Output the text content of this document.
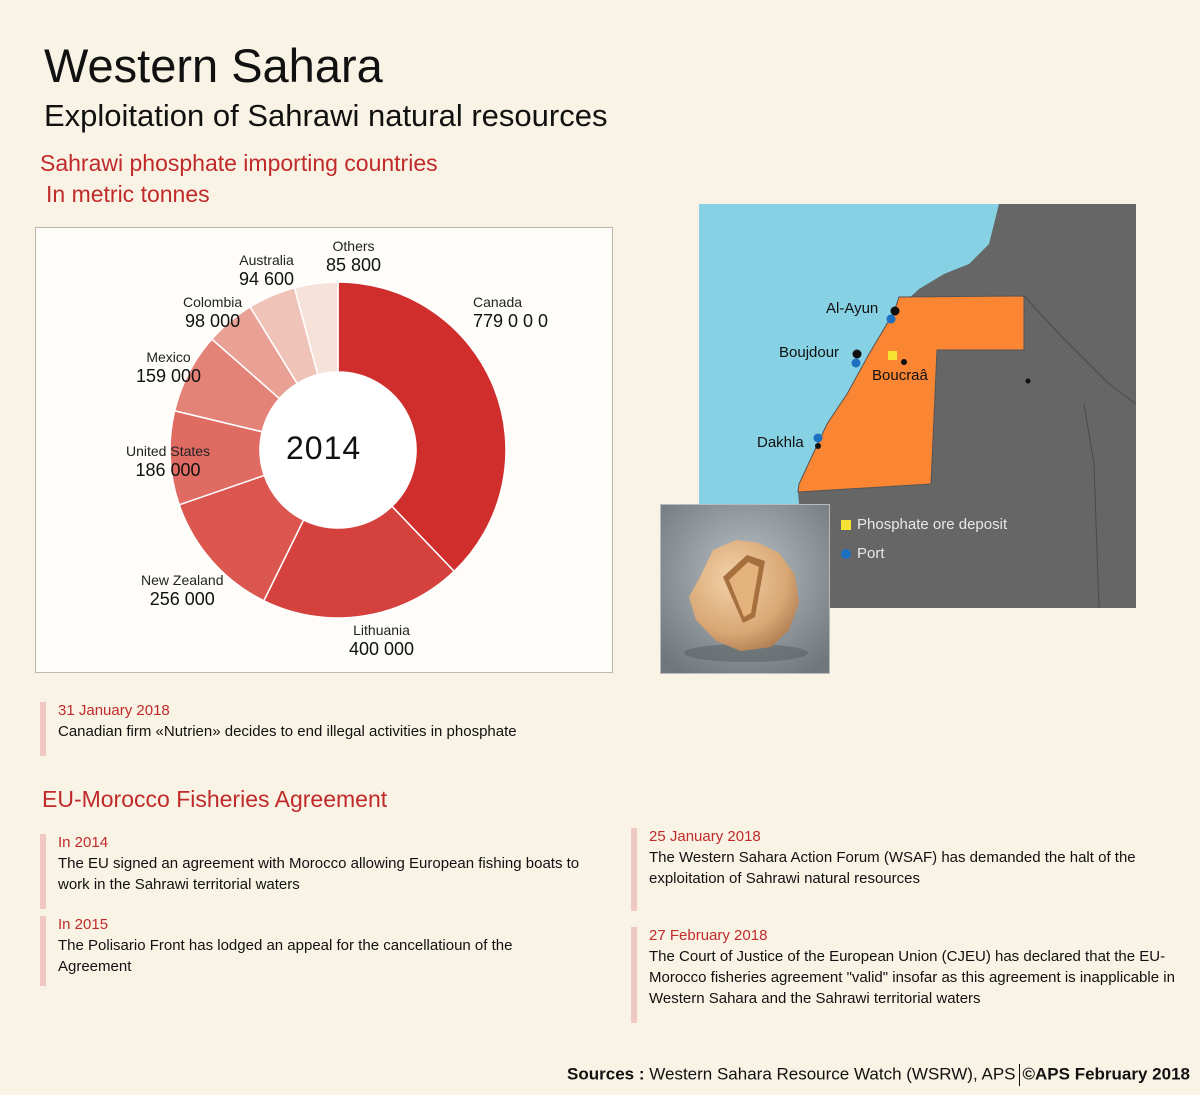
Western Sahara
Exploitation of Sahrawi natural resources
Sahrawi phosphate importing countries
In metric tonnes
Canada
779 0 0 0
Lithuania
400 000
New Zealand
256 000
United States
186 000
Mexico
159 000
Colombia
98 000
Australia
94 600
Others
85 800
2014
Al-Ayun
Boujdour
Boucraâ
Dakhla
Phosphate ore deposit
Port
31 January 2018
Canadian firm «Nutrien» decides to end illegal activities in phosphate
EU-Morocco Fisheries Agreement
In 2014
The EU signed an agreement with Morocco allowing European fishing boats to work in the Sahrawi territorial waters
In 2015
The Polisario Front has lodged an appeal for the cancellatioun of the Agreement
25 January 2018
The Western Sahara Action Forum (WSAF) has demanded the halt of the exploitation of Sahrawi natural resources
27 February 2018
The Court of Justice of the European Union (CJEU) has declared that the EU-Morocco fisheries agreement "valid" insofar as this agreement is inapplicable in Western Sahara and the Sahrawi territorial waters
Sources : Western Sahara Resource Watch (WSRW), APS ©APS February 2018
